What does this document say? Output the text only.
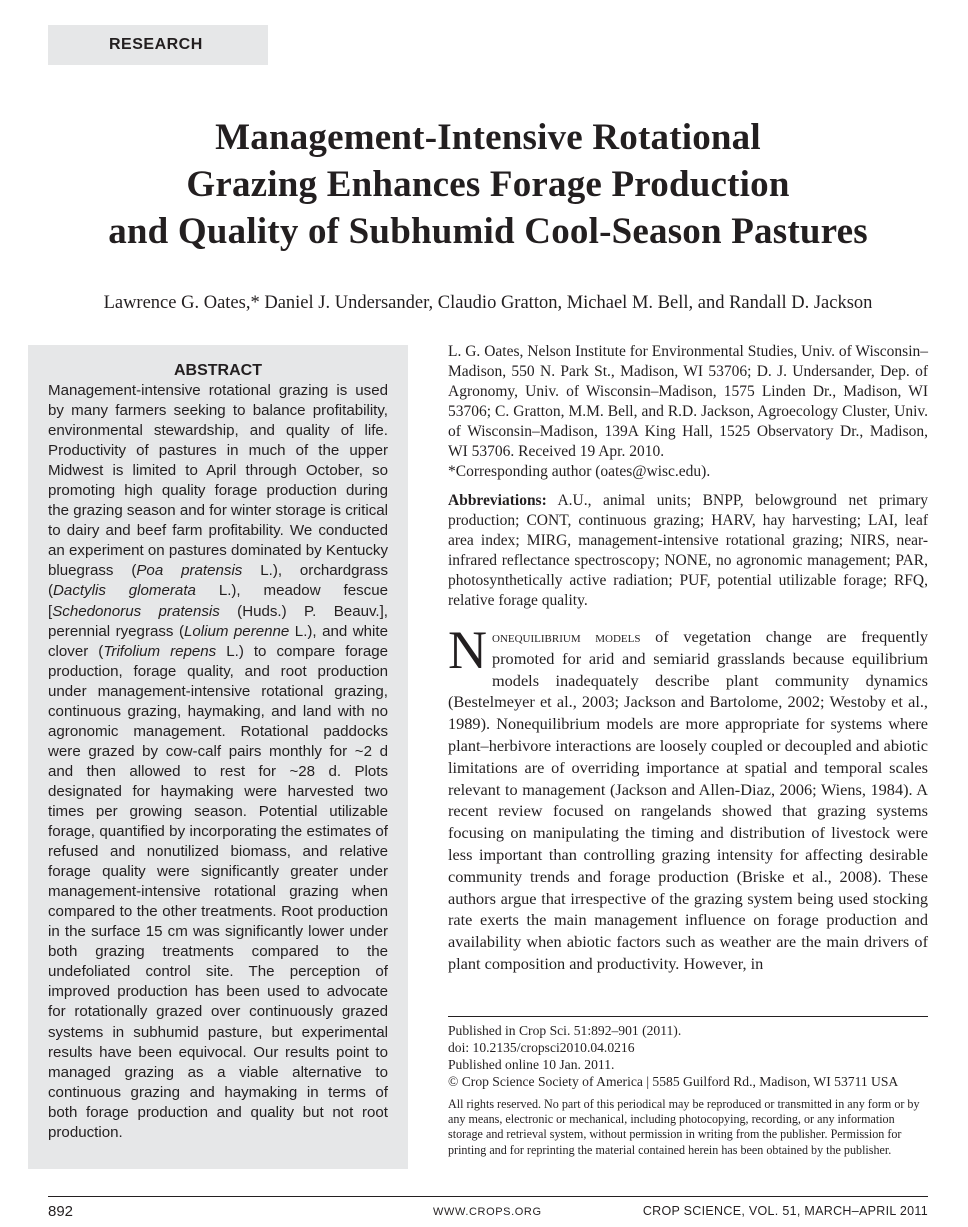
RESEARCH
Management-Intensive Rotational
Grazing Enhances Forage Production
and Quality of Subhumid Cool-Season Pastures
Lawrence G. Oates,* Daniel J. Undersander, Claudio Gratton, Michael M. Bell, and Randall D. Jackson
ABSTRACT

Management-intensive rotational grazing is used by many farmers seeking to balance profitability, environmental stewardship, and quality of life. Productivity of pastures in much of the upper Midwest is limited to April through October, so promoting high quality forage production during the grazing season and for winter storage is critical to dairy and beef farm profitability. We conducted an experiment on pastures dominated by Kentucky bluegrass (Poa pratensis L.), orchardgrass (Dactylis glomerata L.), meadow fescue [Schedonorus pratensis (Huds.) P. Beauv.], perennial ryegrass (Lolium perenne L.), and white clover (Trifolium repens L.) to compare forage production, forage quality, and root production under management-intensive rotational grazing, continuous grazing, haymaking, and land with no agronomic management. Rotational paddocks were grazed by cow-calf pairs monthly for ~2 d and then allowed to rest for ~28 d. Plots designated for haymaking were harvested two times per growing season. Potential utilizable forage, quantified by incorporating the estimates of refused and nonutilized biomass, and relative forage quality were significantly greater under management-intensive rotational grazing when compared to the other treatments. Root production in the surface 15 cm was significantly lower under both grazing treatments compared to the undefoliated control site. The perception of improved production has been used to advocate for rotationally grazed over continuously grazed systems in subhumid pasture, but experimental results have been equivocal. Our results point to managed grazing as a viable alternative to continuous grazing and haymaking in terms of both forage production and quality but not root production.

L. G. Oates, Nelson Institute for Environmental Studies, Univ. of Wisconsin–Madison, 550 N. Park St., Madison, WI 53706; D. J. Undersander, Dep. of Agronomy, Univ. of Wisconsin–Madison, 1575 Linden Dr., Madison, WI 53706; C. Gratton, M.M. Bell, and R.D. Jackson, Agroecology Cluster, Univ. of Wisconsin–Madison, 139A King Hall, 1525 Observatory Dr., Madison, WI 53706. Received 19 Apr. 2010.
*Corresponding author (oates@wisc.edu).
Abbreviations: A.U., animal units; BNPP, belowground net primary production; CONT, continuous grazing; HARV, hay harvesting; LAI, leaf area index; MIRG, management-intensive rotational grazing; NIRS, near-infrared reflectance spectroscopy; NONE, no agronomic management; PAR, photosynthetically active radiation; PUF, potential utilizable forage; RFQ, relative forage quality.
Nonequilibrium models of vegetation change are frequently promoted for arid and semiarid grasslands because equilibrium models inadequately describe plant community dynamics (Bestelmeyer et al., 2003; Jackson and Bartolome, 2002; Westoby et al., 1989). Nonequilibrium models are more appropriate for systems where plant–herbivore interactions are loosely coupled or decoupled and abiotic limitations are of overriding importance at spatial and temporal scales relevant to management (Jackson and Allen-Diaz, 2006; Wiens, 1984). A recent review focused on rangelands showed that grazing systems focusing on manipulating the timing and distribution of livestock were less important than controlling grazing intensity for affecting desirable community trends and forage production (Briske et al., 2008). These authors argue that irrespective of the grazing system being used stocking rate exerts the main management influence on forage production and availability when abiotic factors such as weather are the main drivers of plant composition and productivity. However, in
Published in Crop Sci. 51:892–901 (2011).
doi: 10.2135/cropsci2010.04.0216
Published online 10 Jan. 2011.
© Crop Science Society of America | 5585 Guilford Rd., Madison, WI 53711 USA
All rights reserved. No part of this periodical may be reproduced or transmitted in any form or by any means, electronic or mechanical, including photocopying, recording, or any information storage and retrieval system, without permission in writing from the publisher. Permission for printing and for reprinting the material contained herein has been obtained by the publisher.
892	WWW.CROPS.ORG	CROP SCIENCE, VOL. 51, MARCH–APRIL 2011
